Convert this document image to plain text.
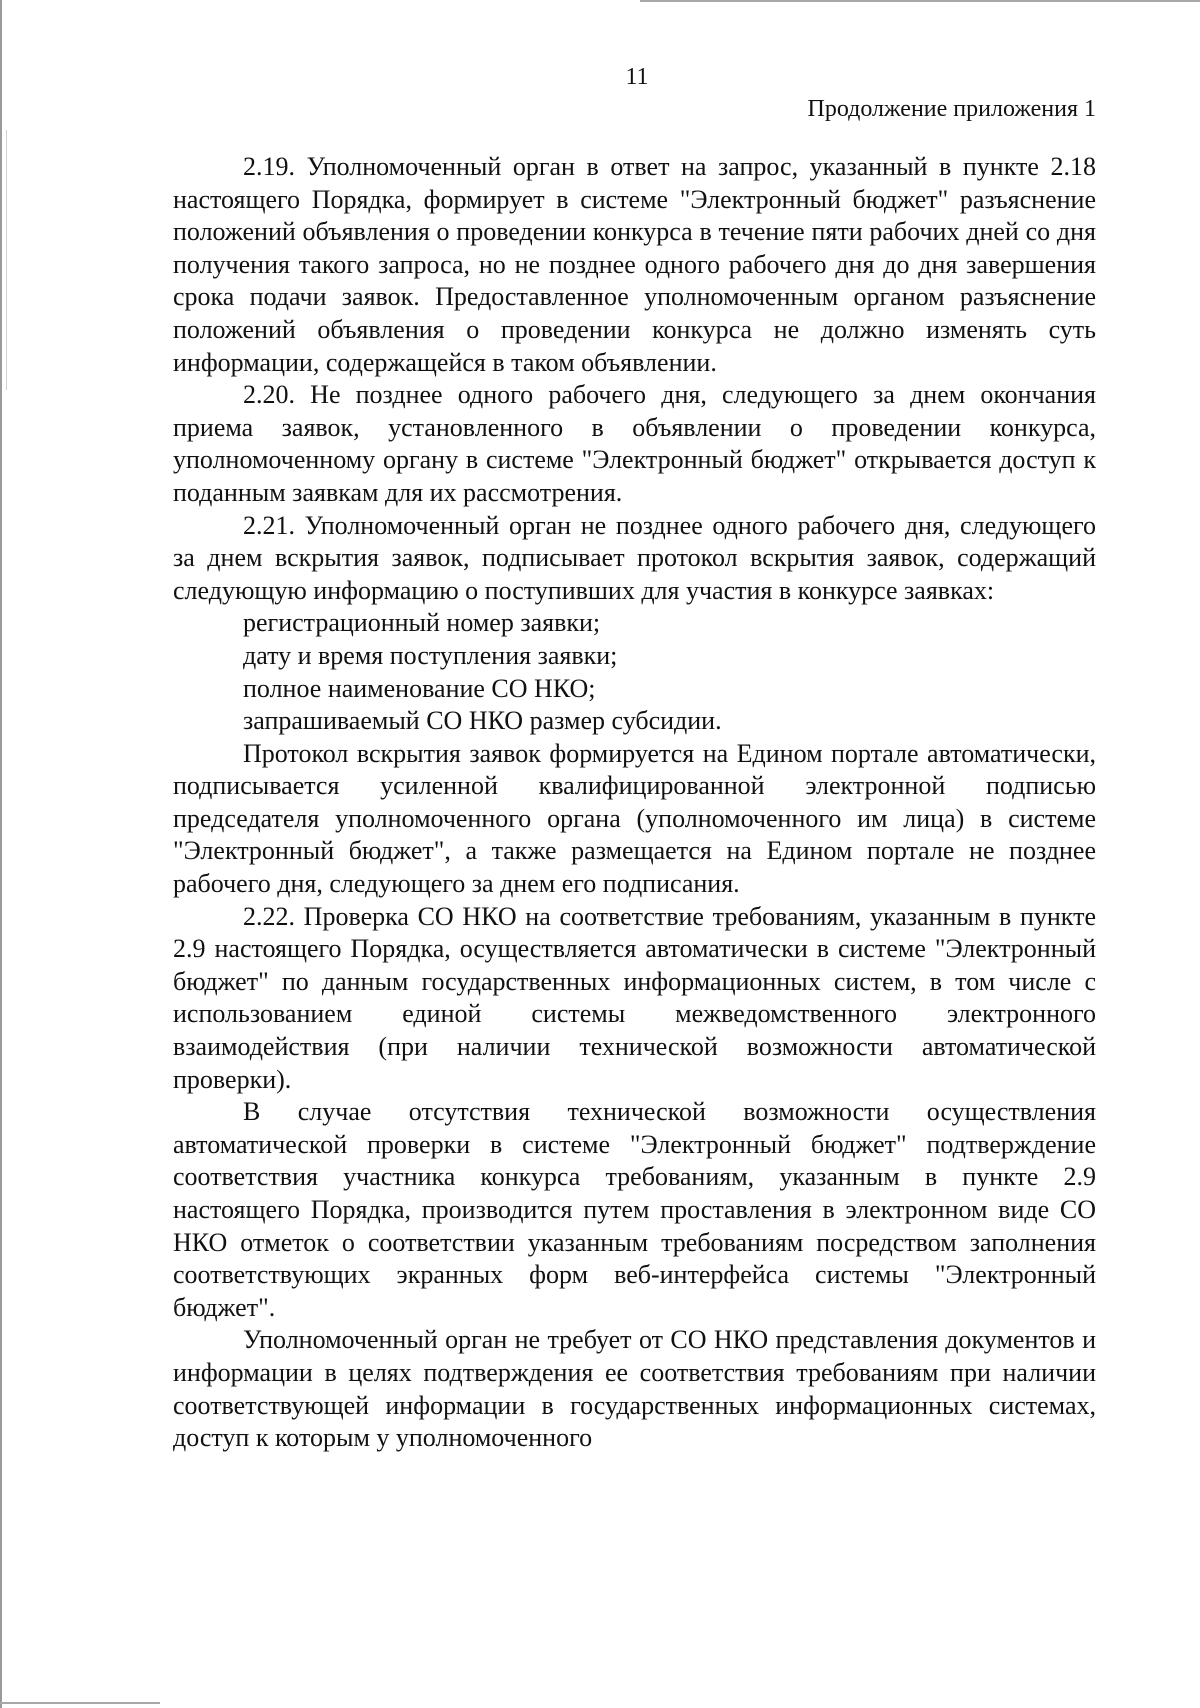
11
Продолжение приложения 1

2.19. Уполномоченный орган в ответ на запрос, указанный в пункте 2.18 настоящего Порядка, формирует в системе "Электронный бюджет" разъяснение положений объявления о проведении конкурса в течение пяти рабочих дней со дня получения такого запроса, но не позднее одного рабочего дня до дня завершения срока подачи заявок. Предоставленное уполномоченным органом разъяснение положений объявления о проведении конкурса не должно изменять суть информации, содержащейся в таком объявлении.

2.20. Не позднее одного рабочего дня, следующего за днем окончания приема заявок, установленного в объявлении о проведении конкурса, уполномоченному органу в системе "Электронный бюджет" открывается доступ к поданным заявкам для их рассмотрения.

2.21. Уполномоченный орган не позднее одного рабочего дня, следующего за днем вскрытия заявок, подписывает протокол вскрытия заявок, содержащий следующую информацию о поступивших для участия в конкурсе заявках:

регистрационный номер заявки;

дату и время поступления заявки;

полное наименование СО НКО;

запрашиваемый СО НКО размер субсидии.

Протокол вскрытия заявок формируется на Едином портале автоматически, подписывается усиленной квалифицированной электронной подписью председателя уполномоченного органа (уполномоченного им лица) в системе "Электронный бюджет", а также размещается на Едином портале не позднее рабочего дня, следующего за днем его подписания.

2.22. Проверка СО НКО на соответствие требованиям, указанным в пункте 2.9 настоящего Порядка, осуществляется автоматически в системе "Электронный бюджет" по данным государственных информационных систем, в том числе с использованием единой системы межведомственного электронного взаимодействия (при наличии технической возможности автоматической проверки).

В случае отсутствия технической возможности осуществления автоматической проверки в системе "Электронный бюджет" подтверждение соответствия участника конкурса требованиям, указанным в пункте 2.9 настоящего Порядка, производится путем проставления в электронном виде СО НКО отметок о соответствии указанным требованиям посредством заполнения соответствующих экранных форм веб-интерфейса системы "Электронный бюджет".

Уполномоченный орган не требует от СО НКО представления документов и информации в целях подтверждения ее соответствия требованиям при наличии соответствующей информации в государственных информационных системах, доступ к которым у уполномоченного
